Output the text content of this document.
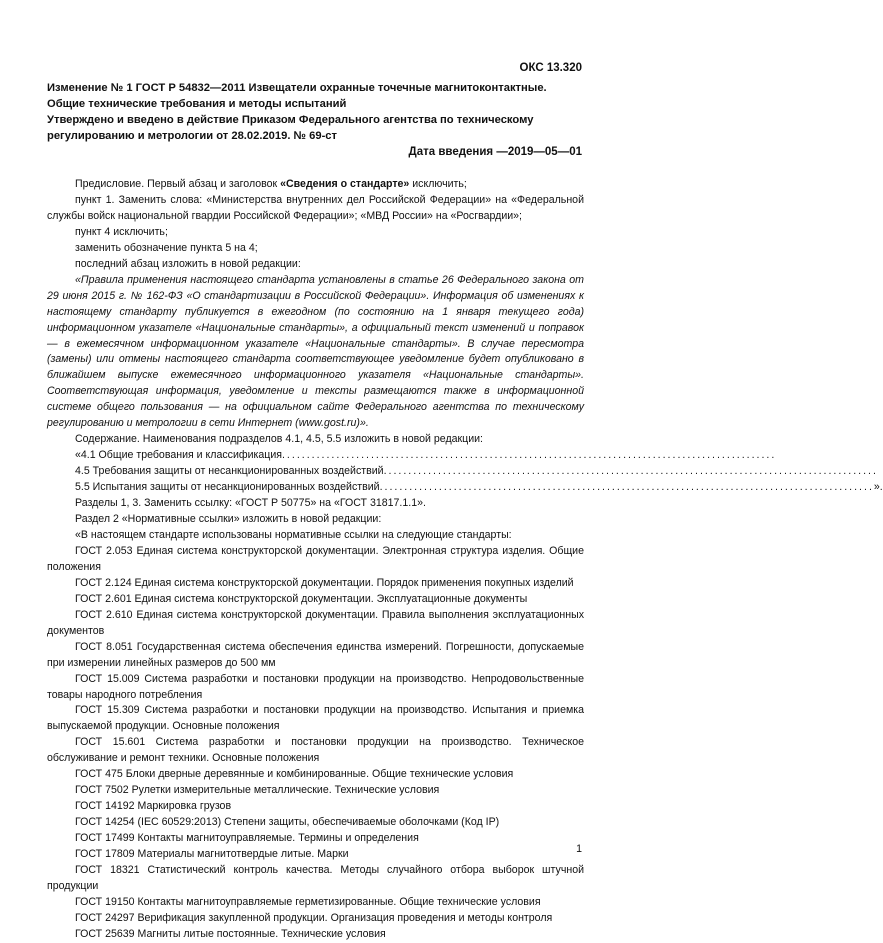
ОКС 13.320
Изменение № 1 ГОСТ Р 54832—2011 Извещатели охранные точечные магнитоконтактные. Общие технические требования и методы испытаний
Утверждено и введено в действие Приказом Федерального агентства по техническому регулированию и метрологии от 28.02.2019. № 69-ст
Дата введения —2019—05—01

Предисловие. Первый абзац и заголовок «Сведения о стандарте» исключить;

пункт 1. Заменить слова: «Министерства внутренних дел Российской Федерации» на «Федеральной службы войск национальной гвардии Российской Федерации»; «МВД России» на «Росгвардии»;

пункт 4 исключить;

заменить обозначение пункта 5 на 4;

последний абзац изложить в новой редакции:

«Правила применения настоящего стандарта установлены в статье 26 Федерального закона от 29 июня 2015 г. № 162-ФЗ «О стандартизации в Российской Федерации». Информация об изменениях к настоящему стандарту публикуется в ежегодном (по состоянию на 1 января текущего года) информационном указателе «Национальные стандарты», а официальный текст изменений и поправок — в ежемесячном информационном указателе «Национальные стандарты». В случае пересмотра (замены) или отмены настоящего стандарта соответствующее уведомление будет опубликовано в ближайшем выпуске ежемесячного информационного указателя «Национальные стандарты». Соответствующая информация, уведомление и тексты размещаются также в информационной системе общего пользования — на официальном сайте Федерального агентства по техническому регулированию и метрологии в сети Интернет (www.gost.ru)».

Содержание. Наименования подразделов 4.1, 4.5, 5.5 изложить в новой редакции:

«4.1 Общие требования и классификация ....................................................................................................
4.5 Требования защиты от несанкционированных воздействий ....................................................................................................
5.5 Испытания защиты от несанкционированных воздействий .................................................................................................... ».

Разделы 1, 3. Заменить ссылку: «ГОСТ Р 50775» на «ГОСТ 31817.1.1».

Раздел 2 «Нормативные ссылки» изложить в новой редакции:

«В настоящем стандарте использованы нормативные ссылки на следующие стандарты:

ГОСТ 2.053 Единая система конструкторской документации. Электронная структура изделия. Общие положения

ГОСТ 2.124 Единая система конструкторской документации. Порядок применения покупных изделий

ГОСТ 2.601 Единая система конструкторской документации. Эксплуатационные документы

ГОСТ 2.610 Единая система конструкторской документации. Правила выполнения эксплуатационных документов

ГОСТ 8.051 Государственная система обеспечения единства измерений. Погрешности, допускаемые при измерении линейных размеров до 500 мм

ГОСТ 15.009 Система разработки и постановки продукции на производство. Непродовольственные товары народного потребления

ГОСТ 15.309 Система разработки и постановки продукции на производство. Испытания и приемка выпускаемой продукции. Основные положения

ГОСТ 15.601 Система разработки и постановки продукции на производство. Техническое обслуживание и ремонт техники. Основные положения

ГОСТ 475 Блоки дверные деревянные и комбинированные. Общие технические условия

ГОСТ 7502 Рулетки измерительные металлические. Технические условия

ГОСТ 14192 Маркировка грузов

ГОСТ 14254 (IEC 60529:2013) Степени защиты, обеспечиваемые оболочками (Код IP)

ГОСТ 17499 Контакты магнитоуправляемые. Термины и определения

ГОСТ 17809 Материалы магнитотвердые литые. Марки

ГОСТ 18321 Статистический контроль качества. Методы случайного отбора выборок штучной продукции

ГОСТ 19150 Контакты магнитоуправляемые герметизированные. Общие технические условия

ГОСТ 24297 Верификация закупленной продукции. Организация проведения и методы контроля

ГОСТ 25639 Магниты литые постоянные. Технические условия

1
